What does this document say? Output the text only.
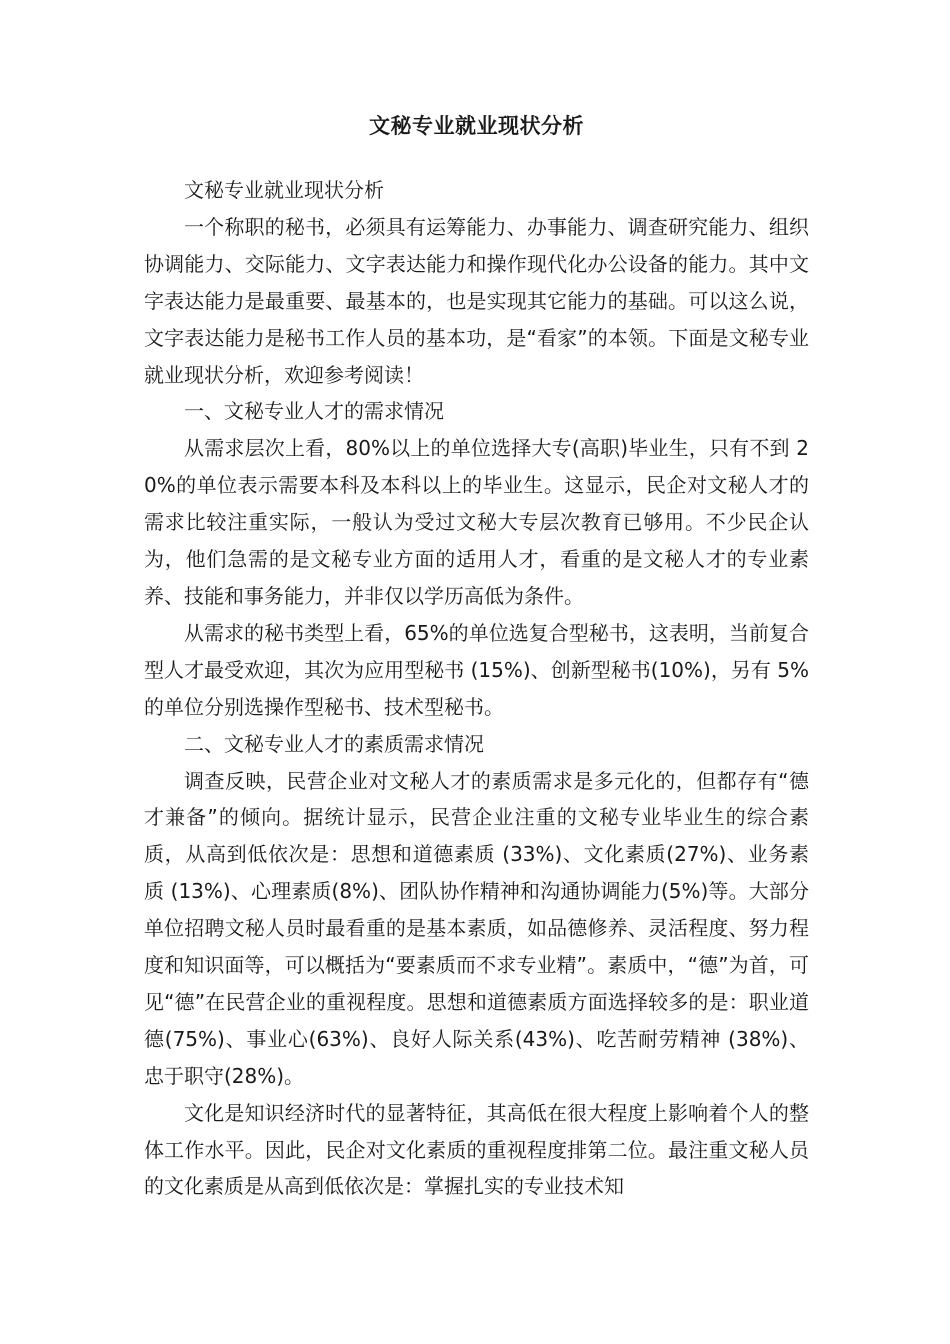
文秘专业就业现状分析

文秘专业就业现状分析

一个称职的秘书，必须具有运筹能力、办事能力、调查研究能力、组织协调能力、交际能力、文字表达能力和操作现代化办公设备的能力。其中文字表达能力是最重要、最基本的，也是实现其它能力的基础。可以这么说，文字表达能力是秘书工作人员的基本功，是“看家”的本领。下面是文秘专业就业现状分析，欢迎参考阅读！

一、文秘专业人才的需求情况

从需求层次上看，80%以上的单位选择大专(高职)毕业生，只有不到 20%的单位表示需要本科及本科以上的毕业生。这显示，民企对文秘人才的需求比较注重实际，一般认为受过文秘大专层次教育已够用。不少民企认为，他们急需的是文秘专业方面的适用人才，看重的是文秘人才的专业素养、技能和事务能力，并非仅以学历高低为条件。

从需求的秘书类型上看，65%的单位选复合型秘书，这表明，当前复合型人才最受欢迎，其次为应用型秘书 (15%)、创新型秘书(10%)，另有 5%的单位分别选操作型秘书、技术型秘书。

二、文秘专业人才的素质需求情况

调查反映，民营企业对文秘人才的素质需求是多元化的，但都存有“德才兼备”的倾向。据统计显示，民营企业注重的文秘专业毕业生的综合素质，从高到低依次是：思想和道德素质 (33%)、文化素质(27%)、业务素质 (13%)、心理素质(8%)、团队协作精神和沟通协调能力(5%)等。大部分单位招聘文秘人员时最看重的是基本素质，如品德修养、灵活程度、努力程度和知识面等，可以概括为“要素质而不求专业精”。素质中，“德”为首，可见“德”在民营企业的重视程度。思想和道德素质方面选择较多的是：职业道德(75%)、事业心(63%)、良好人际关系(43%)、吃苦耐劳精神 (38%)、忠于职守(28%)。

文化是知识经济时代的显著特征，其高低在很大程度上影响着个人的整体工作水平。因此，民企对文化素质的重视程度排第二位。最注重文秘人员的文化素质是从高到低依次是：掌握扎实的专业技术知
